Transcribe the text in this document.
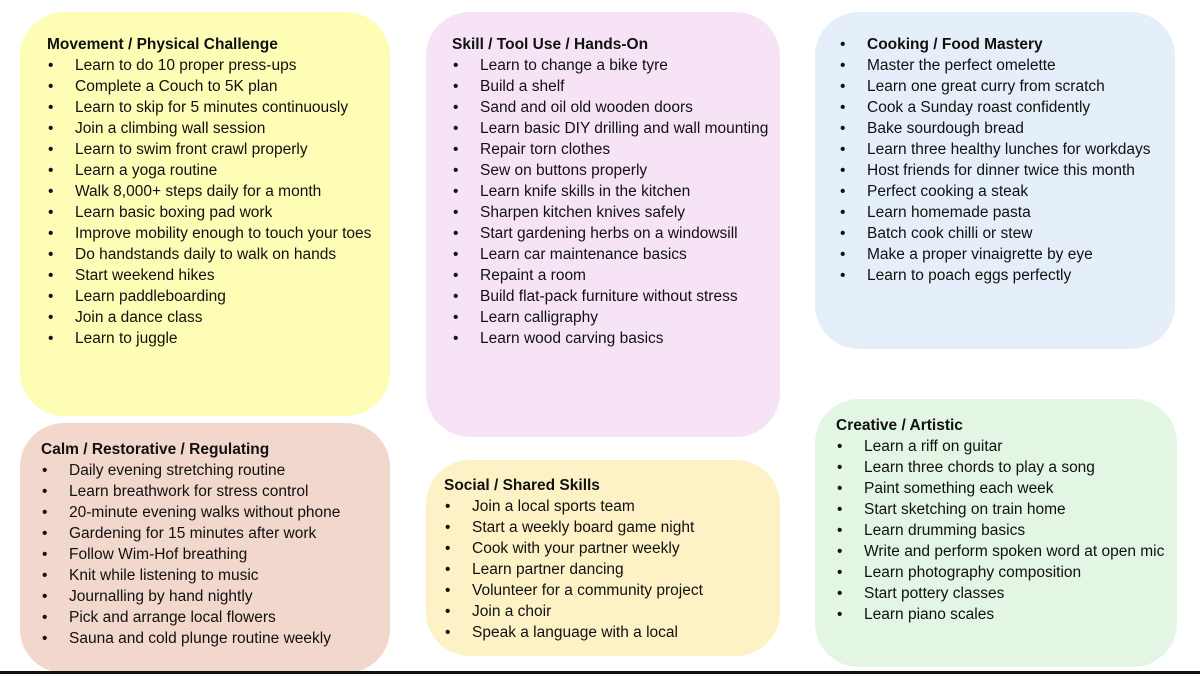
Movement / Physical Challenge
•	Learn to do 10 proper press-ups
•	Complete a Couch to 5K plan
•	Learn to skip for 5 minutes continuously
•	Join a climbing wall session
•	Learn to swim front crawl properly
•	Learn a yoga routine
•	Walk 8,000+ steps daily for a month
•	Learn basic boxing pad work
•	Improve mobility enough to touch your toes
•	Do handstands daily to walk on hands
•	Start weekend hikes
•	Learn paddleboarding
•	Join a dance class
•	Learn to juggle
Skill / Tool Use / Hands-On
•	Learn to change a bike tyre
•	Build a shelf
•	Sand and oil old wooden doors
•	Learn basic DIY drilling and wall mounting
•	Repair torn clothes
•	Sew on buttons properly
•	Learn knife skills in the kitchen
•	Sharpen kitchen knives safely
•	Start gardening herbs on a windowsill
•	Learn car maintenance basics
•	Repaint a room
•	Build flat-pack furniture without stress
•	Learn calligraphy
•	Learn wood carving basics
• Cooking / Food Mastery
•	Master the perfect omelette
•	Learn one great curry from scratch
•	Cook a Sunday roast confidently
•	Bake sourdough bread
•	Learn three healthy lunches for workdays
•	Host friends for dinner twice this month
•	Perfect cooking a steak
•	Learn homemade pasta
•	Batch cook chilli or stew
•	Make a proper vinaigrette by eye
•	Learn to poach eggs perfectly
Calm / Restorative / Regulating
•	Daily evening stretching routine
•	Learn breathwork for stress control
•	20-minute evening walks without phone
•	Gardening for 15 minutes after work
•	Follow Wim-Hof breathing
•	Knit while listening to music
•	Journalling by hand nightly
•	Pick and arrange local flowers
•	Sauna and cold plunge routine weekly
Social / Shared Skills
•	Join a local sports team
•	Start a weekly board game night
•	Cook with your partner weekly
•	Learn partner dancing
•	Volunteer for a community project
•	Join a choir
•	Speak a language with a local
Creative / Artistic
•	Learn a riff on guitar
•	Learn three chords to play a song
•	Paint something each week
•	Start sketching on train home
•	Learn drumming basics
•	Write and perform spoken word at open mic
•	Learn photography composition
•	Start pottery classes
•	Learn piano scales
